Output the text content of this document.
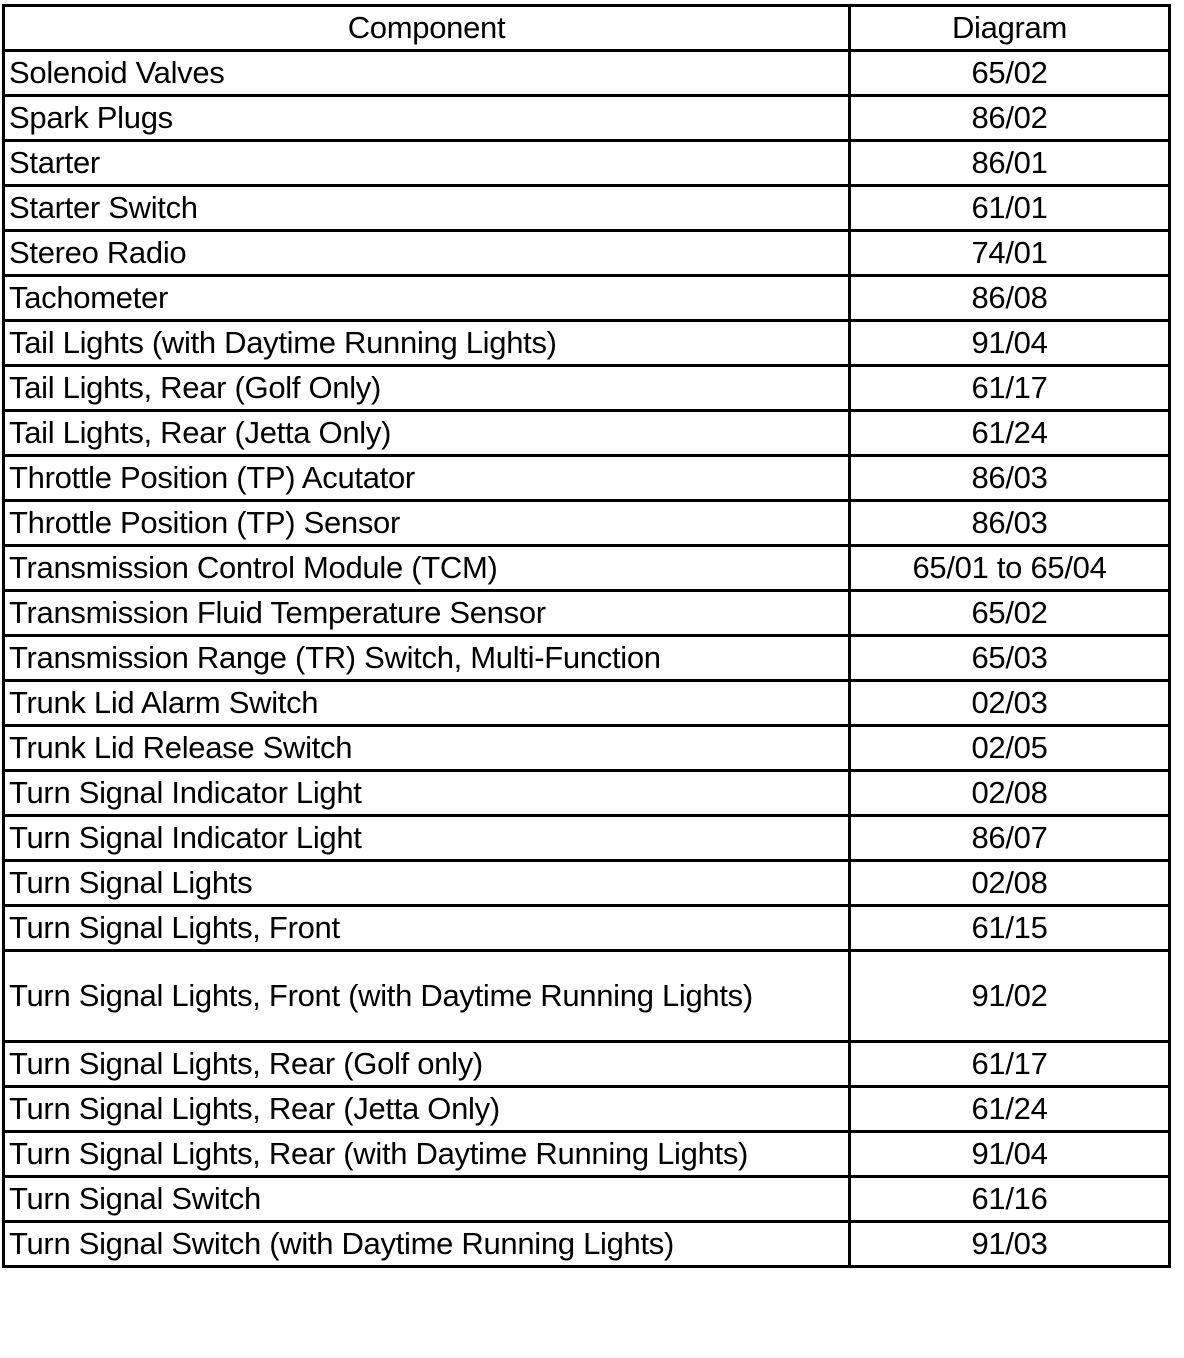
Component	Diagram
Solenoid Valves	65/02
Spark Plugs	86/02
Starter	86/01
Starter Switch	61/01
Stereo Radio	74/01
Tachometer	86/08
Tail Lights (with Daytime Running Lights)	91/04
Tail Lights, Rear (Golf Only)	61/17
Tail Lights, Rear (Jetta Only)	61/24
Throttle Position (TP) Acutator	86/03
Throttle Position (TP) Sensor	86/03
Transmission Control Module (TCM)	65/01 to 65/04
Transmission Fluid Temperature Sensor	65/02
Transmission Range (TR) Switch, Multi-Function	65/03
Trunk Lid Alarm Switch	02/03
Trunk Lid Release Switch	02/05
Turn Signal Indicator Light	02/08
Turn Signal Indicator Light	86/07
Turn Signal Lights	02/08
Turn Signal Lights, Front	61/15
Turn Signal Lights, Front (with Daytime Running Lights)	91/02
Turn Signal Lights, Rear (Golf only)	61/17
Turn Signal Lights, Rear (Jetta Only)	61/24
Turn Signal Lights, Rear (with Daytime Running Lights)	91/04
Turn Signal Switch	61/16
Turn Signal Switch (with Daytime Running Lights)	91/03
